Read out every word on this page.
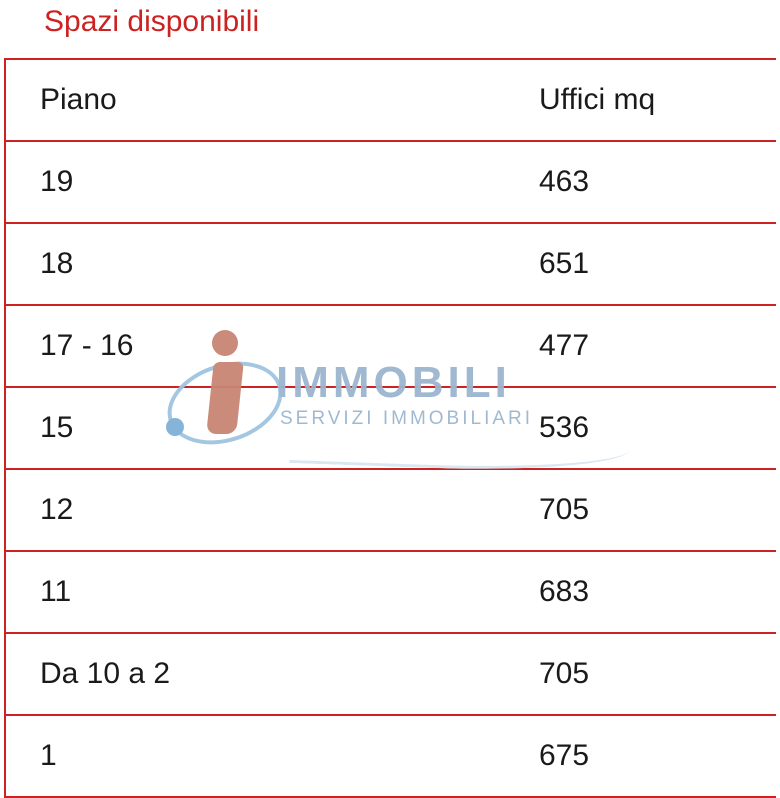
Spazi disponibili
Piano	Uffici mq
19	463
18	651
17 - 16	477
15	536
12	705
11	683
Da 10 a 2	705
1	675
IMMOBILI
SERVIZI IMMOBILIARI
